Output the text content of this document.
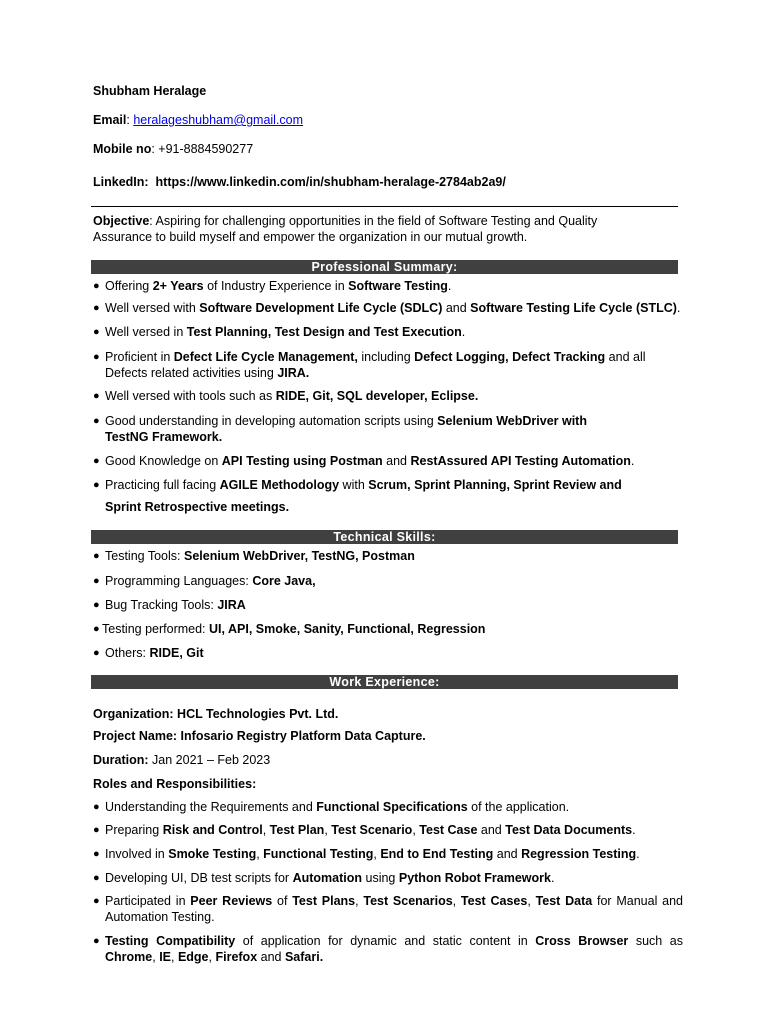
Shubham Heralage
Email: heralageshubham@gmail.com
Mobile no: +91-8884590277
LinkedIn: https://www.linkedin.com/in/shubham-heralage-2784ab2a9/
Objective: Aspiring for challenging opportunities in the field of Software Testing and Quality
Assurance to build myself and empower the organization in our mutual growth.
Professional Summary:
● Offering 2+ Years of Industry Experience in Software Testing.
● Well versed with Software Development Life Cycle (SDLC) and Software Testing Life Cycle (STLC).
● Well versed in Test Planning, Test Design and Test Execution.
● Proficient in Defect Life Cycle Management, including Defect Logging, Defect Tracking and all
Defects related activities using JIRA.
● Well versed with tools such as RIDE, Git, SQL developer, Eclipse.
● Good understanding in developing automation scripts using Selenium WebDriver with
TestNG Framework.
● Good Knowledge on API Testing using Postman and RestAssured API Testing Automation.
● Practicing full facing AGILE Methodology with Scrum, Sprint Planning, Sprint Review and
Sprint Retrospective meetings.
Technical Skills:
● Testing Tools: Selenium WebDriver, TestNG, Postman
● Programming Languages: Core Java,
● Bug Tracking Tools: JIRA
● Testing performed: UI, API, Smoke, Sanity, Functional, Regression
● Others: RIDE, Git
Work Experience:
Organization: HCL Technologies Pvt. Ltd.
Project Name: Infosario Registry Platform Data Capture.
Duration: Jan 2021 – Feb 2023
Roles and Responsibilities:
● Understanding the Requirements and Functional Specifications of the application.
● Preparing Risk and Control, Test Plan, Test Scenario, Test Case and Test Data Documents.
● Involved in Smoke Testing, Functional Testing, End to End Testing and Regression Testing.
● Developing UI, DB test scripts for Automation using Python Robot Framework.
● Participated in Peer Reviews of Test Plans, Test Scenarios, Test Cases, Test Data for Manual and Automation Testing.
● Testing Compatibility of application for dynamic and static content in Cross Browser such as Chrome, IE, Edge, Firefox and Safari.
